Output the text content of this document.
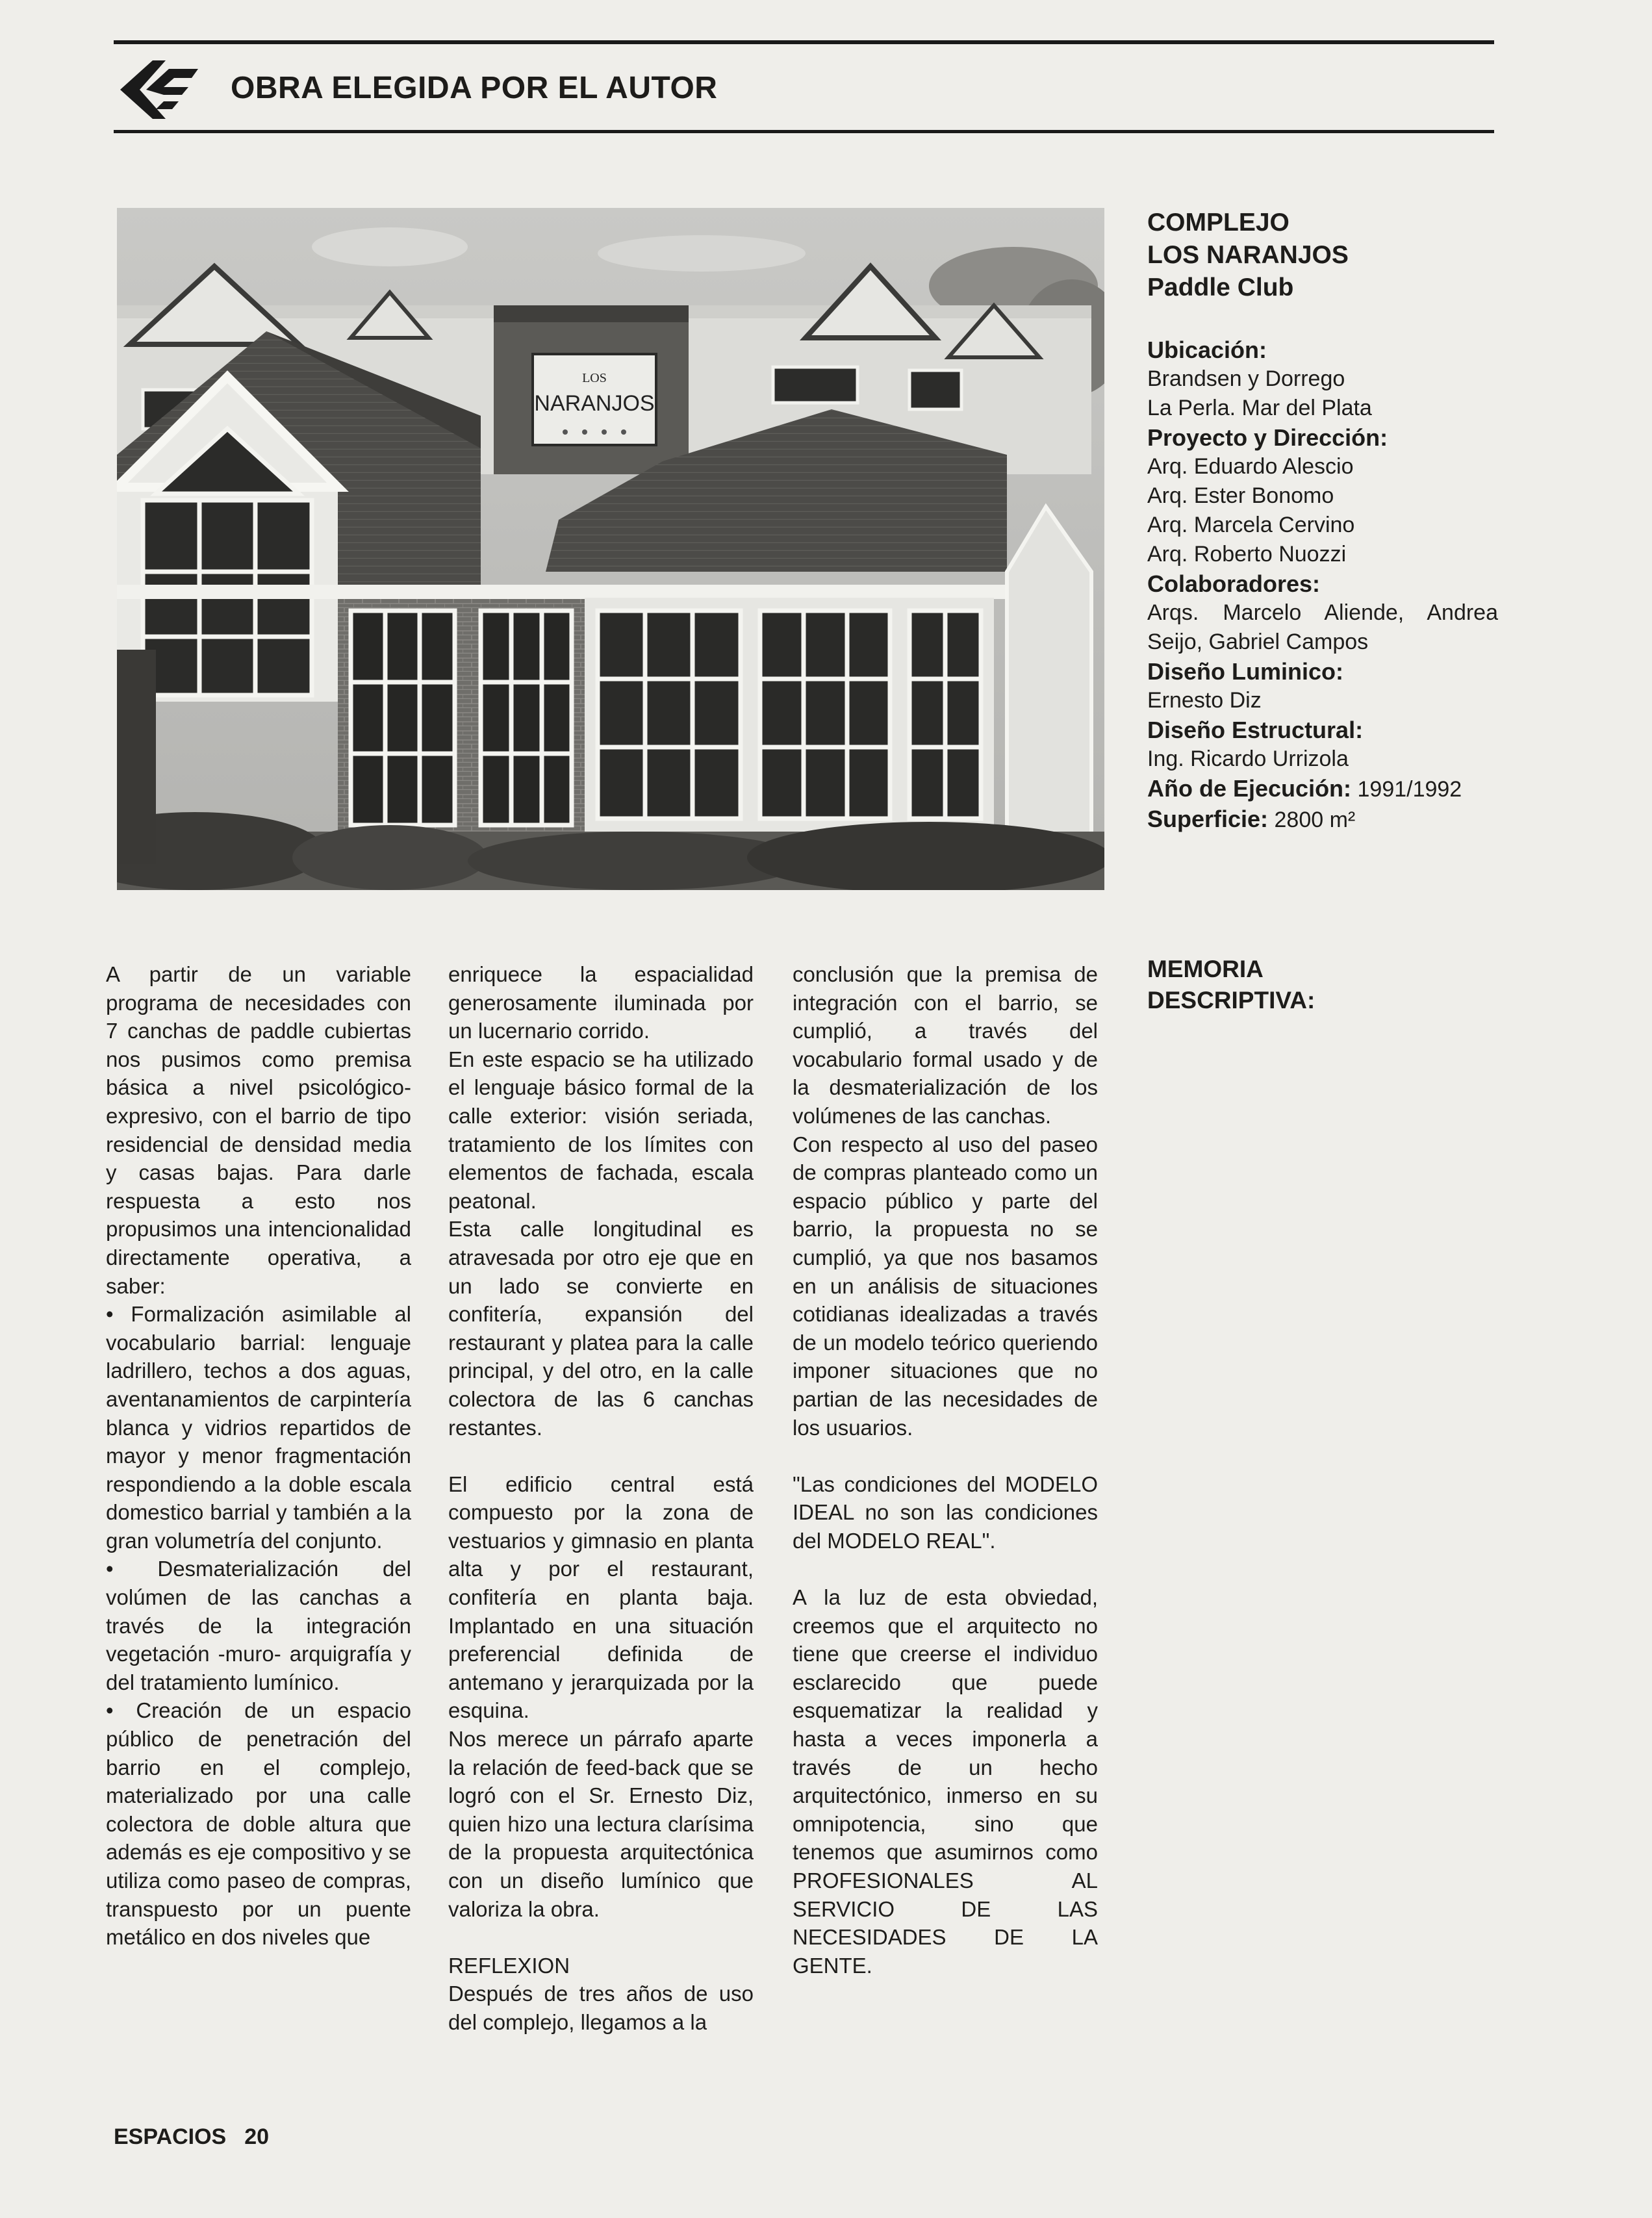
OBRA ELEGIDA POR EL AUTOR
LOS
NARANJOS
COMPLEJO
LOS NARANJOS
Paddle Club
Ubicación:
Brandsen y Dorrego
La Perla. Mar del Plata
Proyecto y Dirección:
Arq. Eduardo Alescio
Arq. Ester Bonomo
Arq. Marcela Cervino
Arq. Roberto Nuozzi
Colaboradores:
Arqs. Marcelo Aliende, Andrea Seijo, Gabriel Campos
Diseño Luminico:
Ernesto Diz
Diseño Estructural:
Ing. Ricardo Urrizola
Año de Ejecución: 1991/1992
Superficie: 2800 m²
MEMORIA
DESCRIPTIVA:

A partir de un variable programa de necesidades con 7 canchas de paddle cubiertas nos pusimos como premisa básica a nivel psicológico-expresivo, con el barrio de tipo residencial de densidad media y casas bajas. Para darle respuesta a esto nos propusimos una intencionalidad directamente operativa, a saber:

• Formalización asimilable al vocabulario barrial: lenguaje ladrillero, techos a dos aguas, aventanamientos de carpintería blanca y vidrios repartidos de mayor y menor fragmentación respondiendo a la doble escala domestico barrial y también a la gran volumetría del conjunto.

• Desmaterialización del volúmen de las canchas a través de la integración vegetación -muro- arquigrafía y del tratamiento lumínico.

• Creación de un espacio público de penetración del barrio en el complejo, materializado por una calle colectora de doble altura que además es eje compositivo y se utiliza como paseo de compras, transpuesto por un puente metálico en dos niveles que

enriquece la espacialidad generosamente iluminada por un lucernario corrido.

En este espacio se ha utilizado el lenguaje básico formal de la calle exterior: visión seriada, tratamiento de los límites con elementos de fachada, escala peatonal.

Esta calle longitudinal es atravesada por otro eje que en un lado se convierte en confitería, expansión del restaurant y platea para la calle principal, y del otro, en la calle colectora de las 6 canchas restantes.

El edificio central está compuesto por la zona de vestuarios y gimnasio en planta alta y por el restaurant, confitería en planta baja. Implantado en una situación preferencial definida de antemano y jerarquizada por la esquina.

Nos merece un párrafo aparte la relación de feed-back que se logró con el Sr. Ernesto Diz, quien hizo una lectura clarísima de la propuesta arquitectónica con un diseño lumínico que valoriza la obra.

REFLEXION

Después de tres años de uso del complejo, llegamos a la

conclusión que la premisa de integración con el barrio, se cumplió, a través del vocabulario formal usado y de la desmaterialización de los volúmenes de las canchas.

Con respecto al uso del paseo de compras planteado como un espacio público y parte del barrio, la propuesta no se cumplió, ya que nos basamos en un análisis de situaciones cotidianas idealizadas a través de un modelo teórico queriendo imponer situaciones que no partian de las necesidades de los usuarios.

"Las condiciones del MODELO IDEAL no son las condiciones del MODELO REAL".

A la luz de esta obviedad, creemos que el arquitecto no tiene que creerse el individuo esclarecido que puede esquematizar la realidad y hasta a veces imponerla a través de un hecho arquitectónico, inmerso en su omnipotencia, sino que tenemos que asumirnos como PROFESIONALES AL SERVICIO DE LAS NECESIDADES DE LA GENTE.

ESPACIOS 20
